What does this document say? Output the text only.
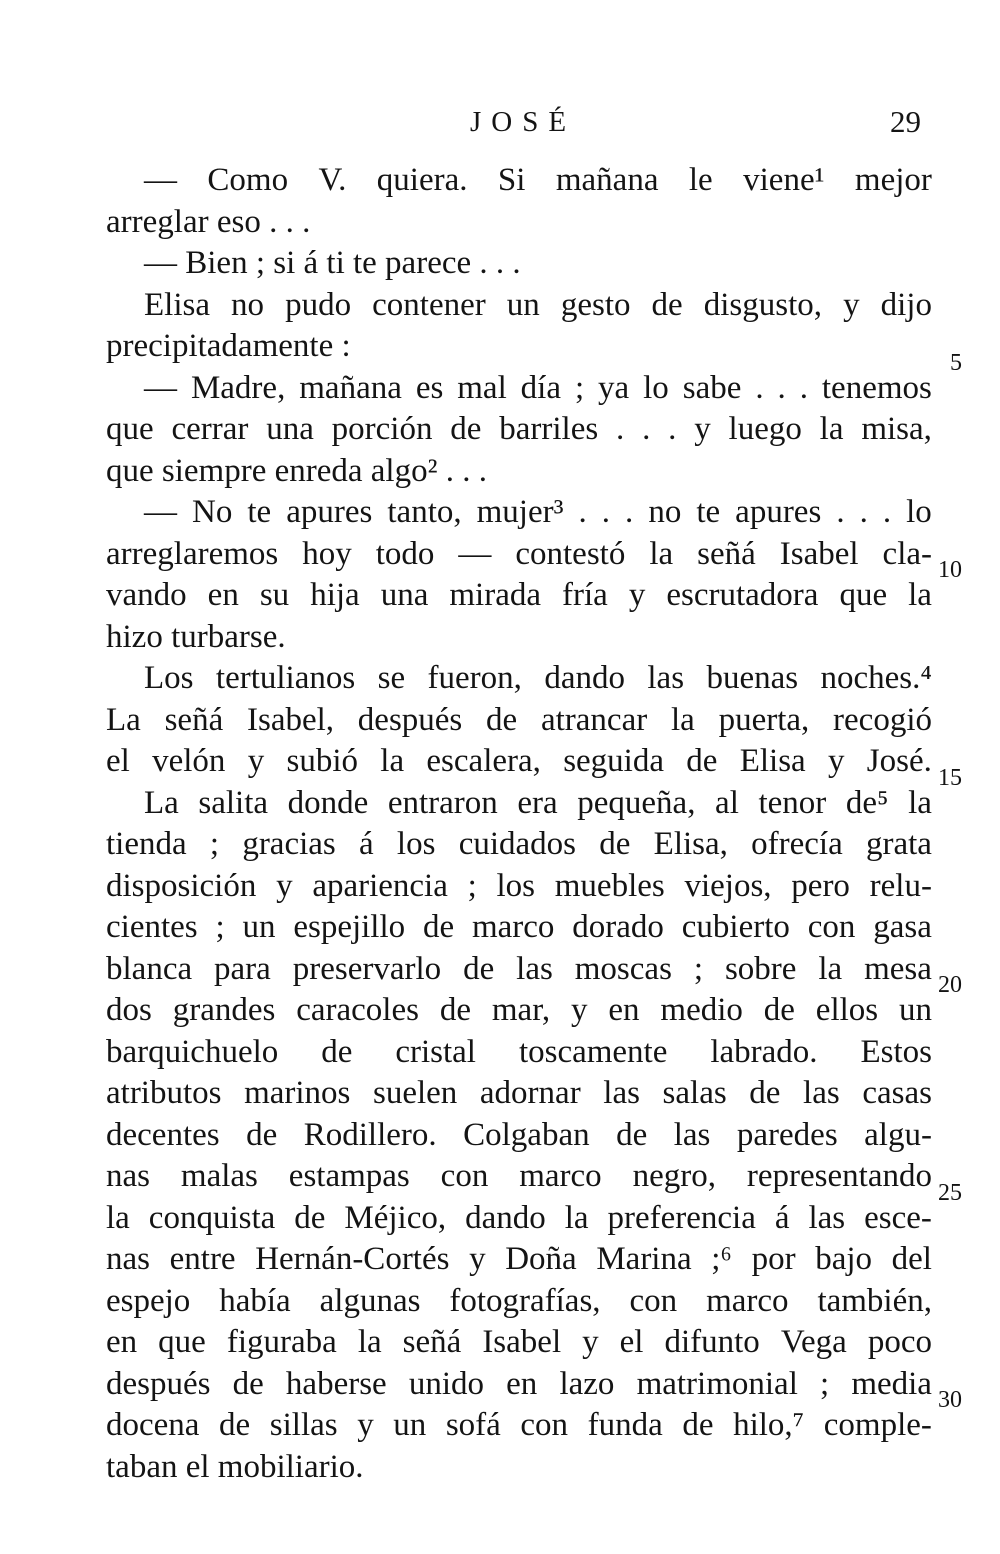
JOSÉ	29
— Como V. quiera. Si mañana le viene¹ mejor
arreglar eso . . .
— Bien ; si á ti te parece . . .
Elisa no pudo contener un gesto de disgusto, y dijo
precipitadamente :
— Madre, mañana es mal día ; ya lo sabe . . . tenemos
que cerrar una porción de barriles . . . y luego la misa,
que siempre enreda algo² . . .
— No te apures tanto, mujer³ . . . no te apures . . . lo
arreglaremos hoy todo — contestó la señá Isabel cla-
vando en su hija una mirada fría y escrutadora que la
hizo turbarse.
Los tertulianos se fueron, dando las buenas noches.⁴
La señá Isabel, después de atrancar la puerta, recogió
el velón y subió la escalera, seguida de Elisa y José.
La salita donde entraron era pequeña, al tenor de⁵ la
tienda ; gracias á los cuidados de Elisa, ofrecía grata
disposición y apariencia ; los muebles viejos, pero relu-
cientes ; un espejillo de marco dorado cubierto con gasa
blanca para preservarlo de las moscas ; sobre la mesa
dos grandes caracoles de mar, y en medio de ellos un
barquichuelo de cristal toscamente labrado. Estos
atributos marinos suelen adornar las salas de las casas
decentes de Rodillero. Colgaban de las paredes algu-
nas malas estampas con marco negro, representando
la conquista de Méjico, dando la preferencia á las esce-
nas entre Hernán-Cortés y Doña Marina ;⁶ por bajo del
espejo había algunas fotografías, con marco también,
en que figuraba la señá Isabel y el difunto Vega poco
después de haberse unido en lazo matrimonial ; media
docena de sillas y un sofá con funda de hilo,⁷ comple-
taban el mobiliario.
5
10
15
20
25
30
